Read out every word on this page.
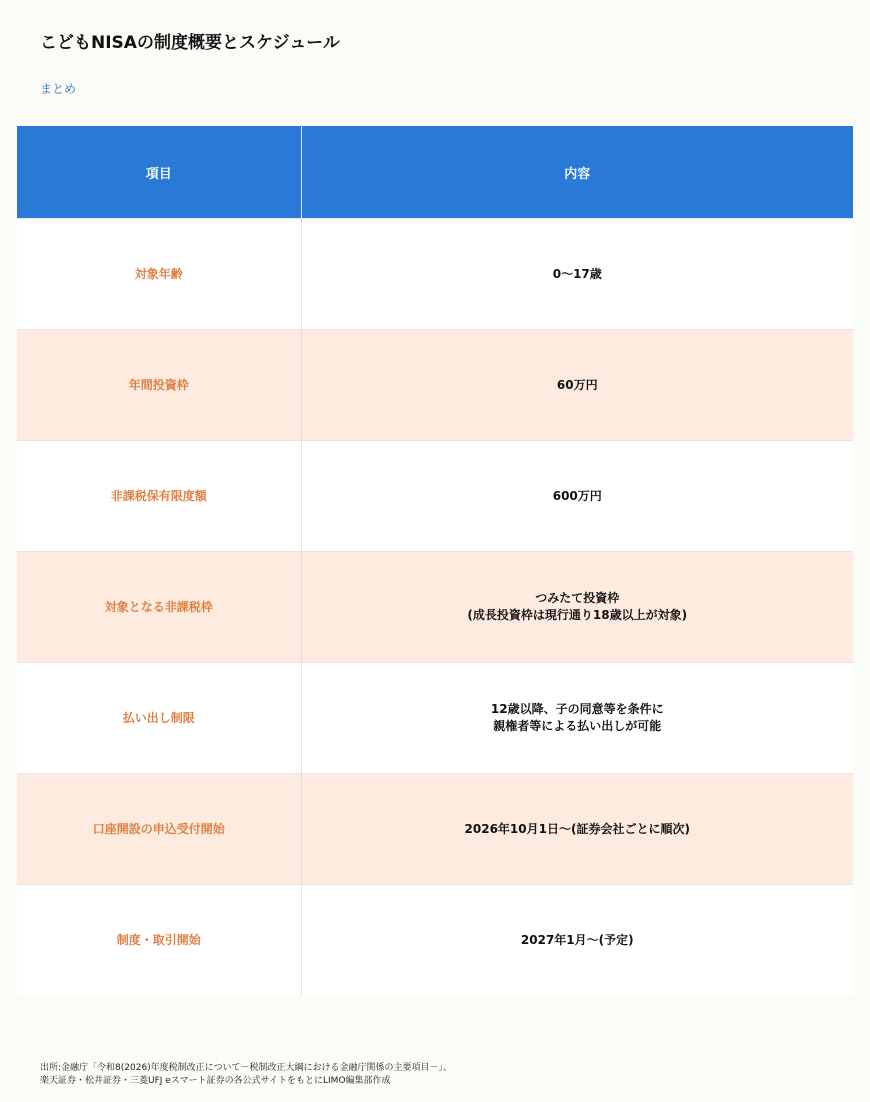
こどもNISAの制度概要とスケジュール
まとめ
項目	内容
対象年齢	0〜17歳

年間投資枠	60万円

非課税保有限度額	600万円

対象となる非課税枠	つみたて投資枠
(成長投資枠は現行通り18歳以上が対象)

払い出し制限	12歳以降、子の同意等を条件に
親権者等による払い出しが可能

口座開設の申込受付開始	2026年10月1日〜(証券会社ごとに順次)

制度・取引開始	2027年1月〜(予定)
出所:金融庁「令和8(2026)年度税制改正について－税制改正大綱における金融庁関係の主要項目－」、
楽天証券・松井証券・三菱UFJ eスマート証券の各公式サイトをもとにLIMO編集部作成
